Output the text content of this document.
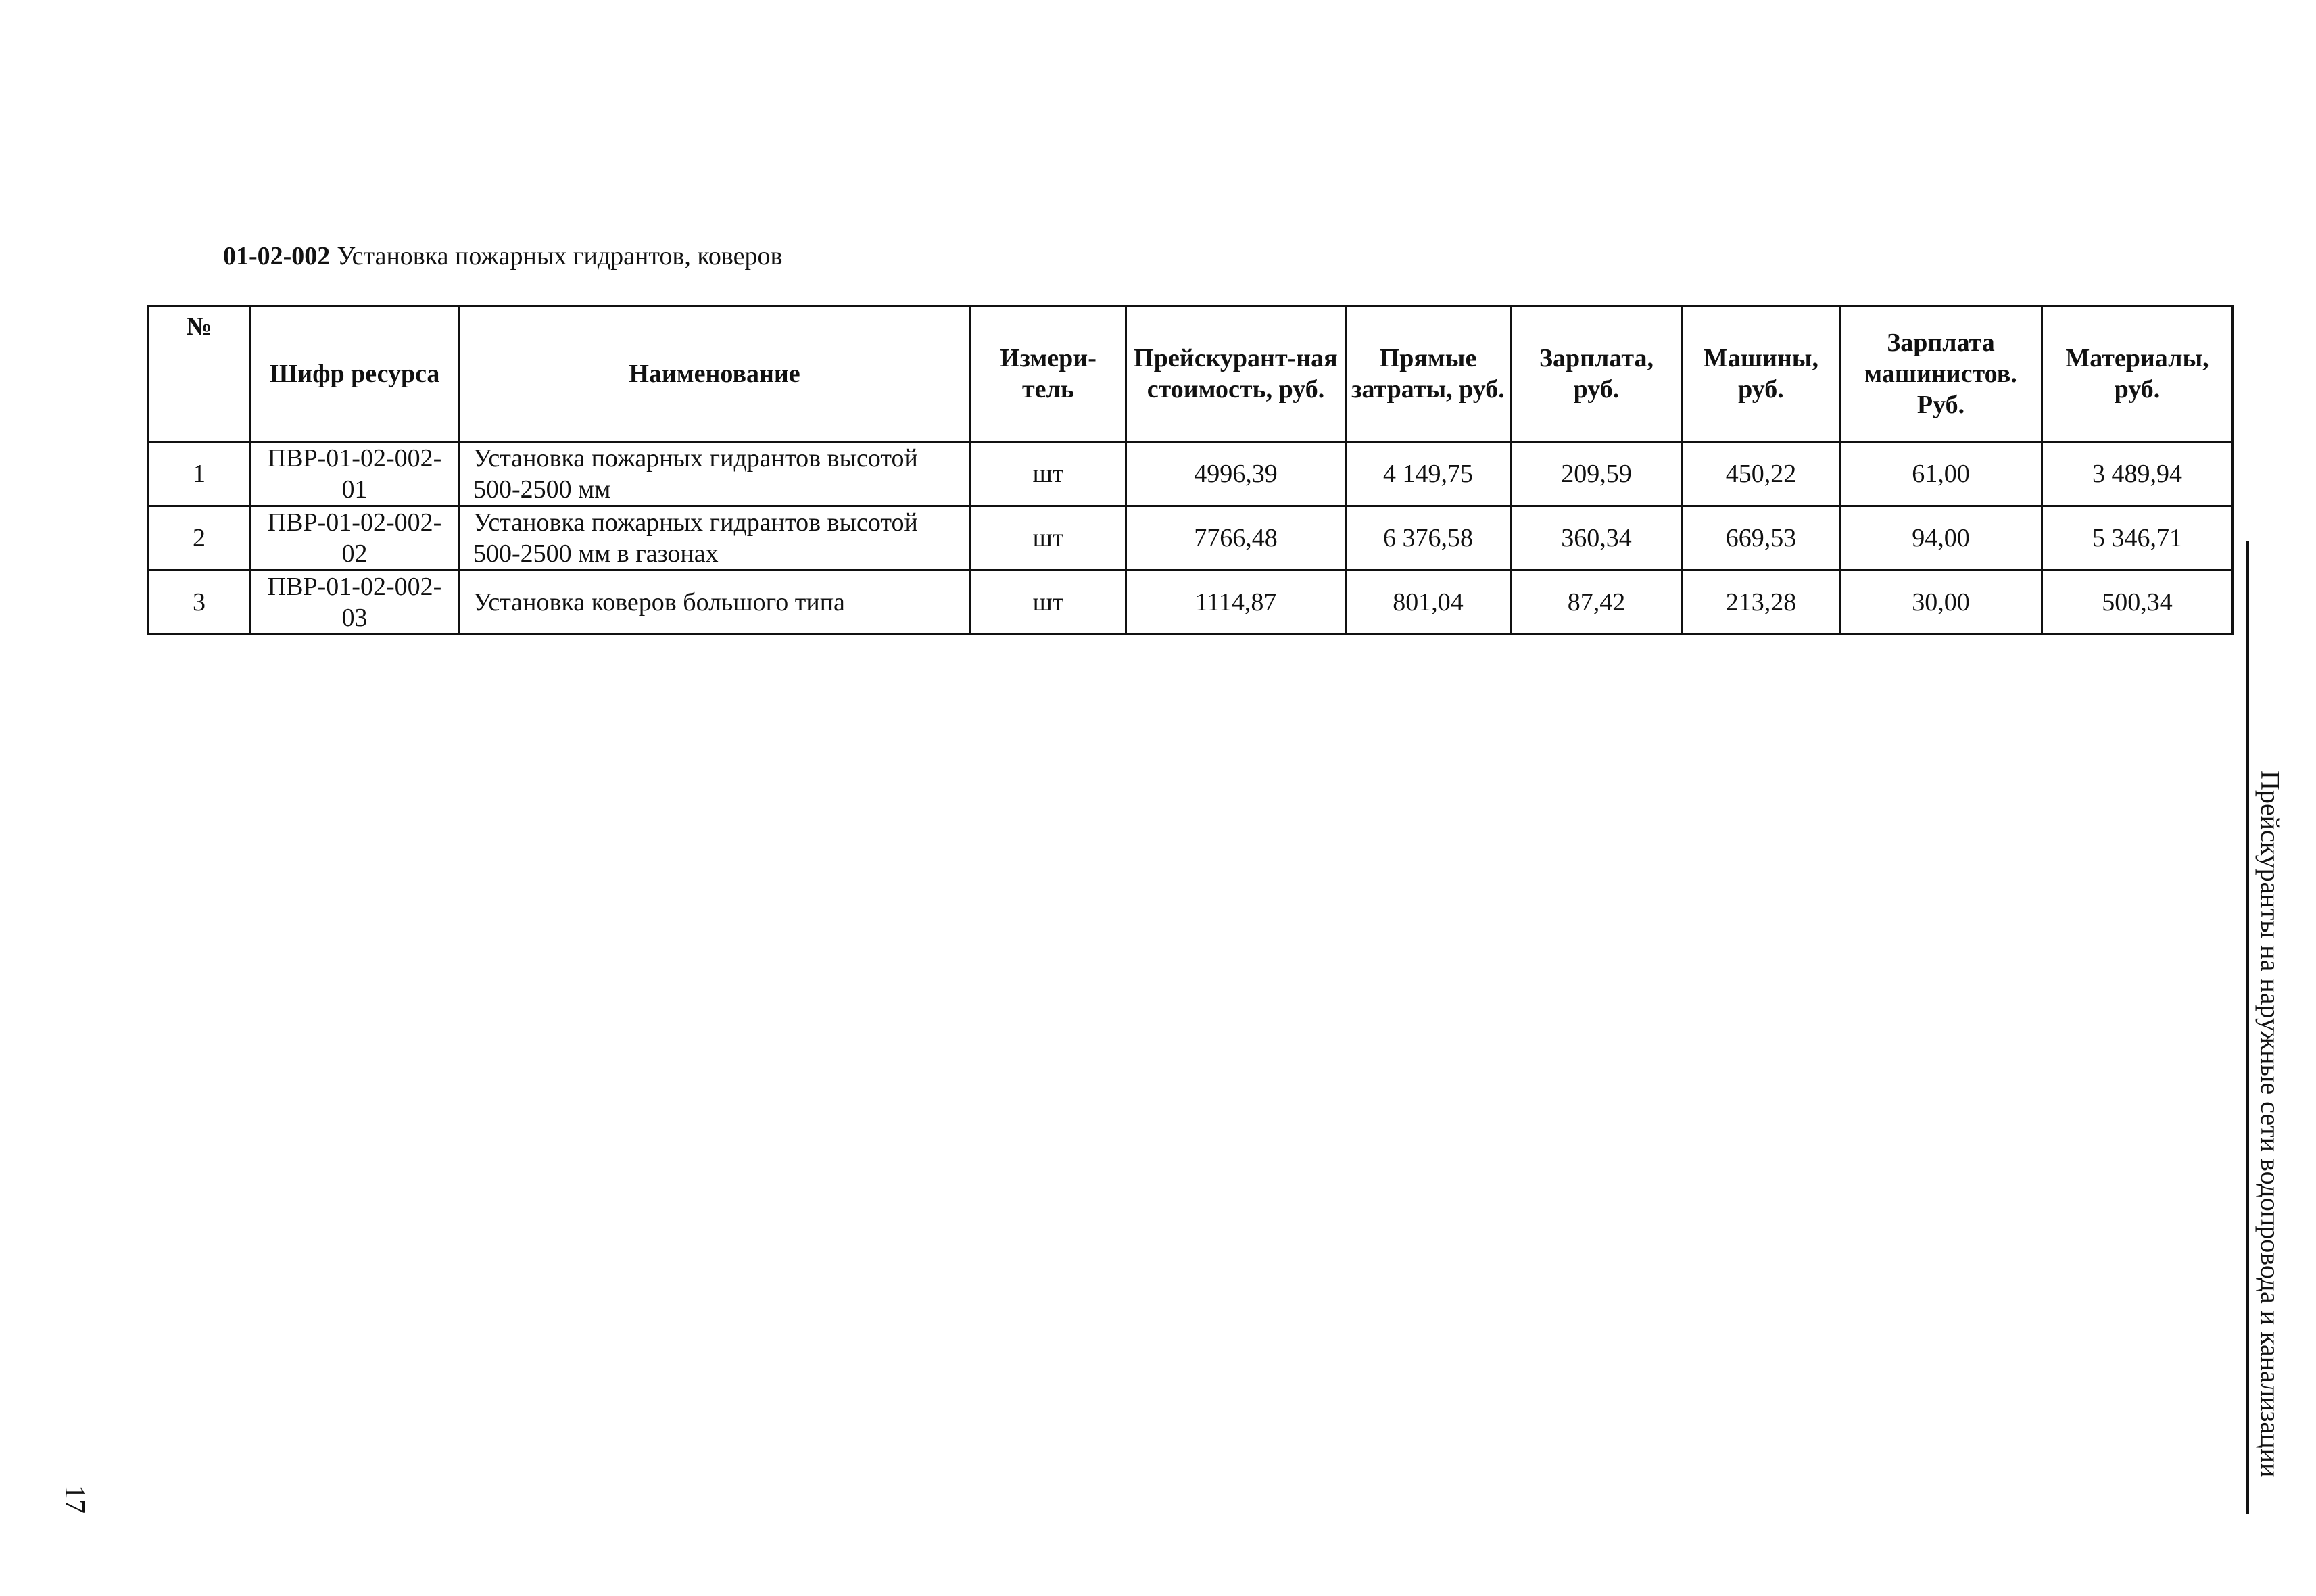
01-02-002 Установка пожарных гидрантов, коверов
№	Шифр ресурса	Наименование	Измери-тель	Прейскурант-ная стоимость, руб.	Прямые затраты, руб.	Зарплата, руб.	Машины, руб.	Зарплата машинистов. Руб.	Материалы, руб.
1	ПВР-01-02-002-01	Установка пожарных гидрантов высотой 500-2500 мм	шт	4996,39	4 149,75	209,59	450,22	61,00	3 489,94
2	ПВР-01-02-002-02	Установка пожарных гидрантов высотой 500-2500 мм в газонах	шт	7766,48	6 376,58	360,34	669,53	94,00	5 346,71
3	ПВР-01-02-002-03	Установка коверов большого типа	шт	1114,87	801,04	87,42	213,28	30,00	500,34
Прейскуранты на наружные сети водопровода и канализации
17
